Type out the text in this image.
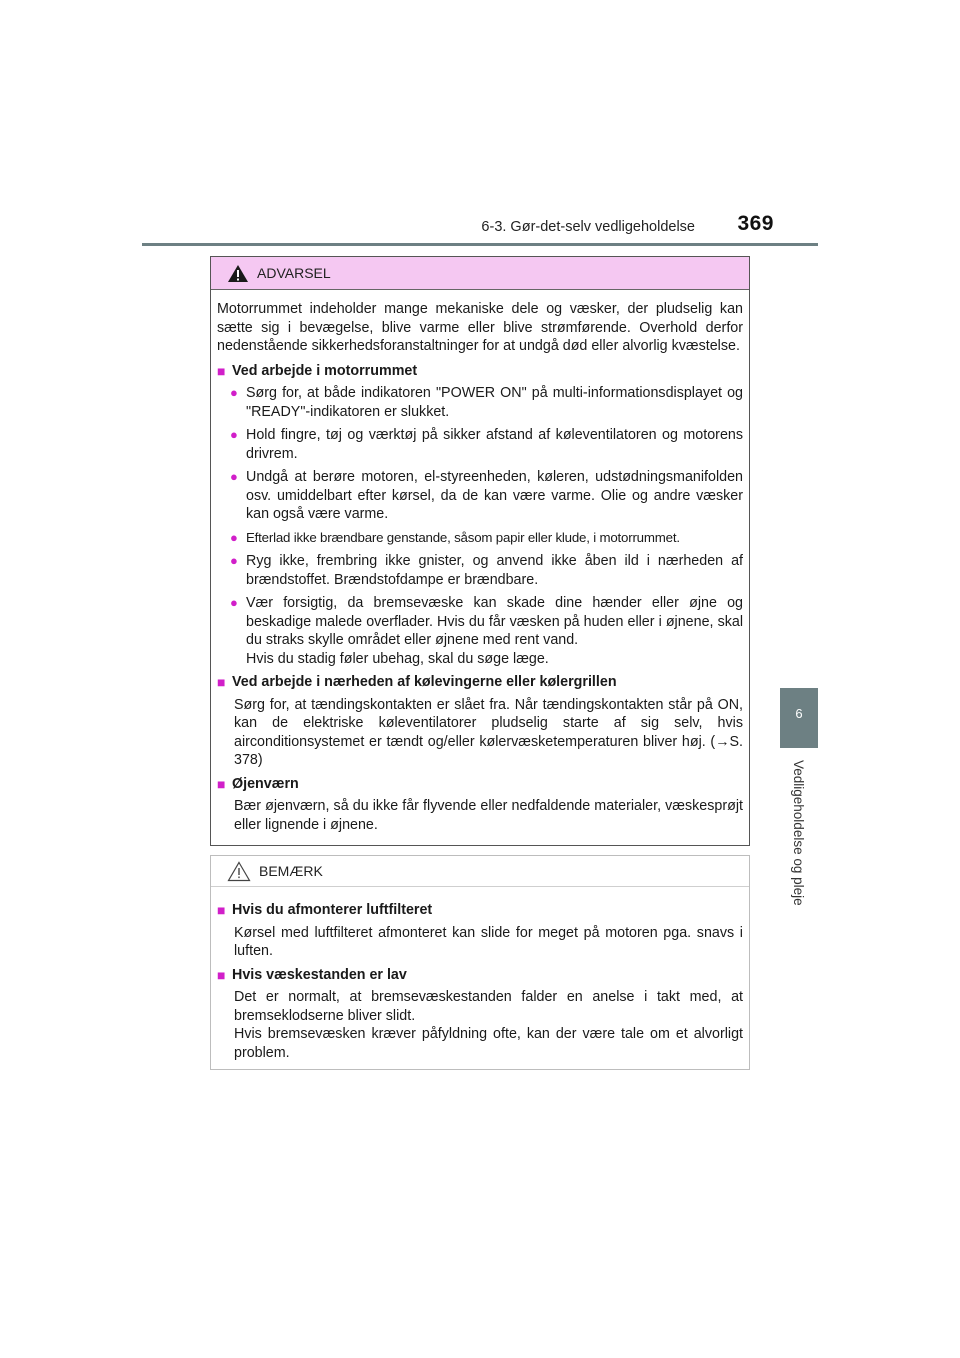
6-3. Gør-det-selv vedligeholdelse 369
6
Vedligeholdelse og pleje
ADVARSEL

Motorrummet indeholder mange mekaniske dele og væsker, der pludselig kan sætte sig i bevægelse, blive varme eller blive strømførende. Overhold derfor nedenstående sikkerhedsforanstaltninger for at undgå død eller alvorlig kvæstelse.

■ Ved arbejde i motorrummet
● Sørg for, at både indikatoren "POWER ON" på multi-informationsdisplayet og "READY"-indikatoren er slukket.
● Hold fingre, tøj og værktøj på sikker afstand af køleventilatoren og motorens drivrem.
● Undgå at berøre motoren, el-styreenheden, køleren, udstødningsmanifolden osv. umiddelbart efter kørsel, da de kan være varme. Olie og andre væsker kan også være varme.
● Efterlad ikke brændbare genstande, såsom papir eller klude, i motorrummet.
● Ryg ikke, frembring ikke gnister, og anvend ikke åben ild i nærheden af brændstoffet. Brændstofdampe er brændbare.
● Vær forsigtig, da bremsevæske kan skade dine hænder eller øjne og beskadige malede overflader. Hvis du får væsken på huden eller i øjnene, skal du straks skylle området eller øjnene med rent vand.
Hvis du stadig føler ubehag, skal du søge læge.
■ Ved arbejde i nærheden af kølevingerne eller kølergrillen
Sørg for, at tændingskontakten er slået fra. Når tændingskontakten står på ON, kan de elektriske køleventilatorer pludselig starte af sig selv, hvis airconditionsystemet er tændt og/eller kølervæsketemperaturen bliver høj. (→S. 378)
■ Øjenværn
Bær øjenværn, så du ikke får flyvende eller nedfaldende materialer, væskesprøjt eller lignende i øjnene.
BEMÆRK
■ Hvis du afmonterer luftfilteret
Kørsel med luftfilteret afmonteret kan slide for meget på motoren pga. snavs i luften.
■ Hvis væskestanden er lav
Det er normalt, at bremsevæskestanden falder en anelse i takt med, at bremseklodserne bliver slidt.
Hvis bremsevæsken kræver påfyldning ofte, kan der være tale om et alvorligt problem.
